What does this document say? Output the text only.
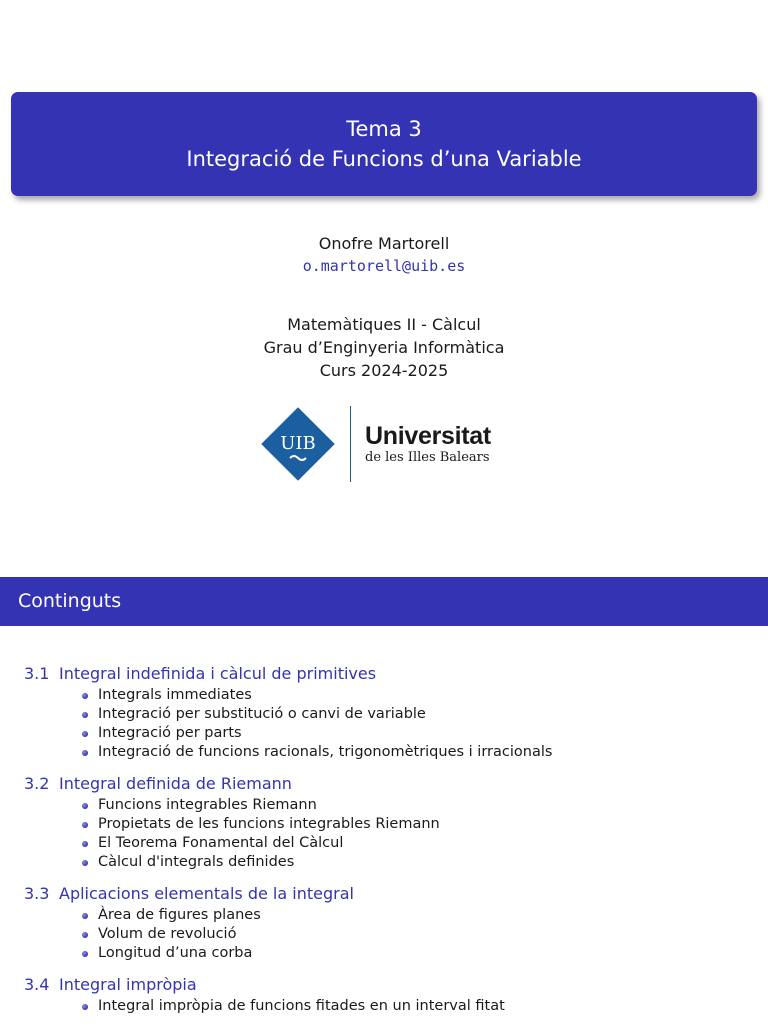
Tema 3
Integració de Funcions d’una Variable
Onofre Martorell
o.martorell@uib.es
Matemàtiques II - Càlcul
Grau d’Enginyeria Informàtica
Curs 2024-2025
UIB Universitat
de les Illes Balears
Continguts
3.1 Integral indefinida i càlcul de primitives
Integrals immediates
Integració per substitució o canvi de variable
Integració per parts
Integració de funcions racionals, trigonomètriques i irracionals
3.2 Integral definida de Riemann
Funcions integrables Riemann
Propietats de les funcions integrables Riemann
El Teorema Fonamental del Càlcul
Càlcul d'integrals definides
3.3 Aplicacions elementals de la integral
Àrea de figures planes
Volum de revolució
Longitud d’una corba
3.4 Integral impròpia
Integral impròpia de funcions fitades en un interval fitat
